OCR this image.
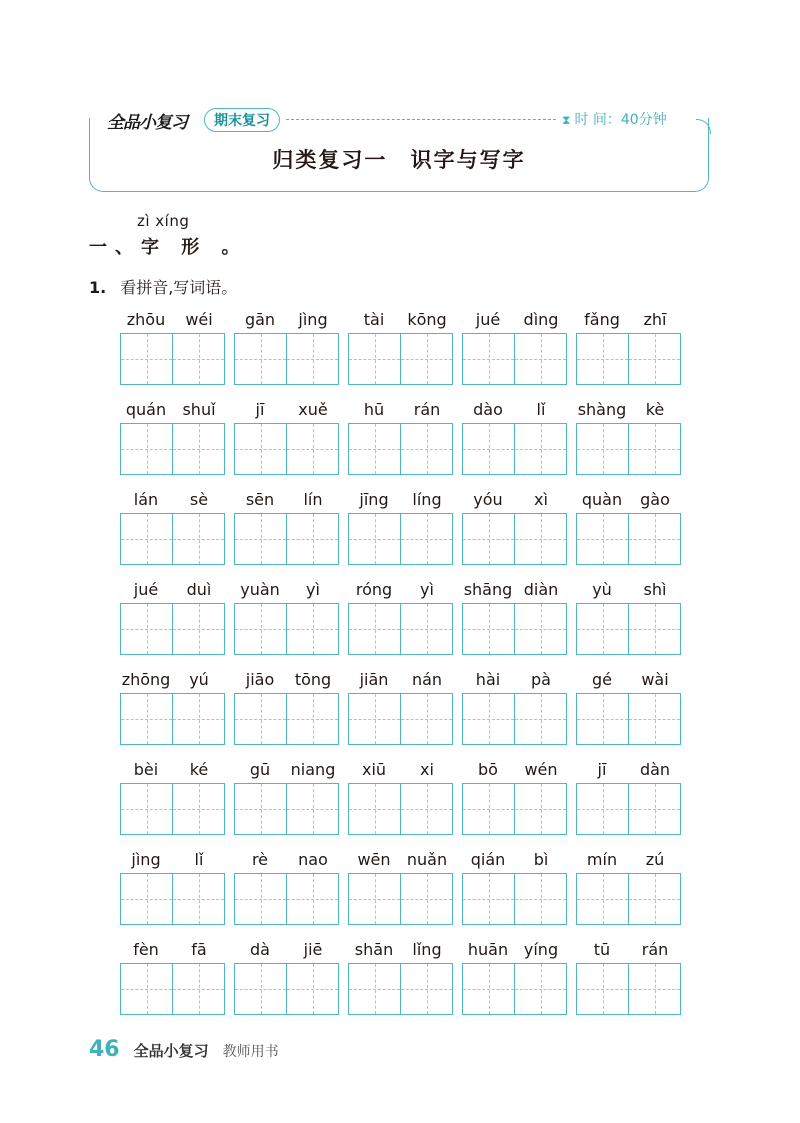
全品小复习	期末复习	⧗ 时 间：40分钟
归类复习一 识字与写字
zì xíng
一、字 形 。
1. 看拼音,写词语。
zhōu	wéi	gān	jìng	tài	kōng	jué	dìng	fǎng	zhī
quán	shuǐ	jī	xuě	hū	rán	dào	lǐ	shàng	kè
lán	sè	sēn	lín	jīng	líng	yóu	xì	quàn	gào
jué	duì	yuàn	yì	róng	yì	shāng diàn	yù	shì
zhōng	yú	jiāo	tōng	jiān	nán	hài	pà	gé	wài
bèi	ké	gū	niang	xiū	xi	bō	wén	jī	dàn
jìng	lǐ	rè	nao	wēn	nuǎn	qián	bì	mín	zú
fèn	fā	dà	jiē	shān	lǐng	huān yíng	tū	rán
46 全品小复习 教师用书
